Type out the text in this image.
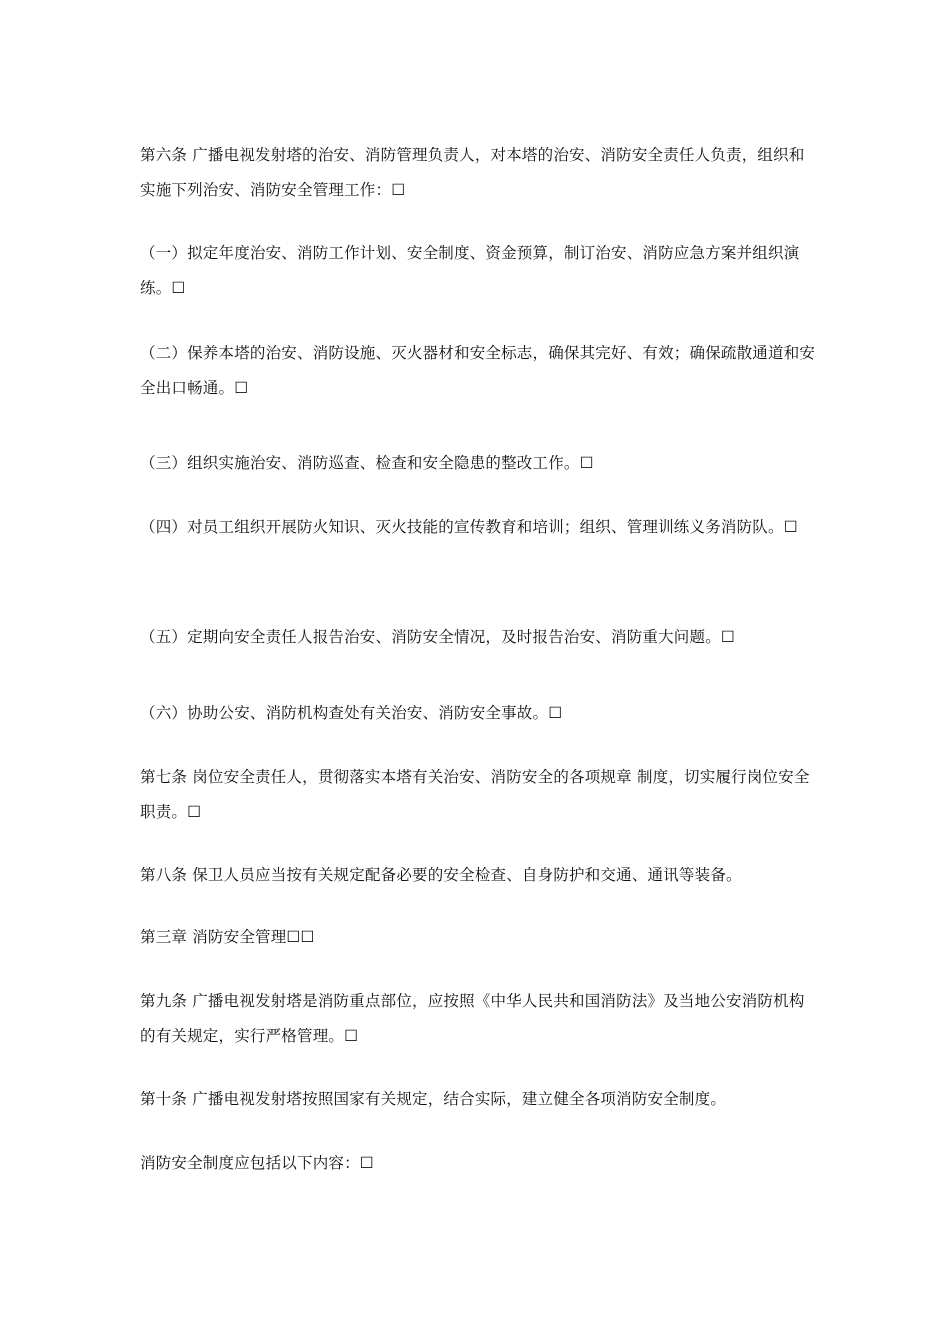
第六条 广播电视发射塔的治安、消防管理负责人，对本塔的治安、消防安全责任人负责，组织和实施下列治安、消防安全管理工作：☐

（一）拟定年度治安、消防工作计划、安全制度、资金预算，制订治安、消防应急方案并组织演练。☐

（二）保养本塔的治安、消防设施、灭火器材和安全标志，确保其完好、有效；确保疏散通道和安全出口畅通。☐

（三）组织实施治安、消防巡查、检查和安全隐患的整改工作。☐

（四）对员工组织开展防火知识、灭火技能的宣传教育和培训；组织、管理训练义务消防队。☐

（五）定期向安全责任人报告治安、消防安全情况，及时报告治安、消防重大问题。☐

（六）协助公安、消防机构查处有关治安、消防安全事故。☐

第七条 岗位安全责任人，贯彻落实本塔有关治安、消防安全的各项规章 制度，切实履行岗位安全职责。☐

第八条 保卫人员应当按有关规定配备必要的安全检查、自身防护和交通、通讯等装备。

第三章 消防安全管理☐☐

第九条 广播电视发射塔是消防重点部位，应按照《中华人民共和国消防法》及当地公安消防机构的有关规定，实行严格管理。☐

第十条 广播电视发射塔按照国家有关规定，结合实际，建立健全各项消防安全制度。

消防安全制度应包括以下内容：☐
